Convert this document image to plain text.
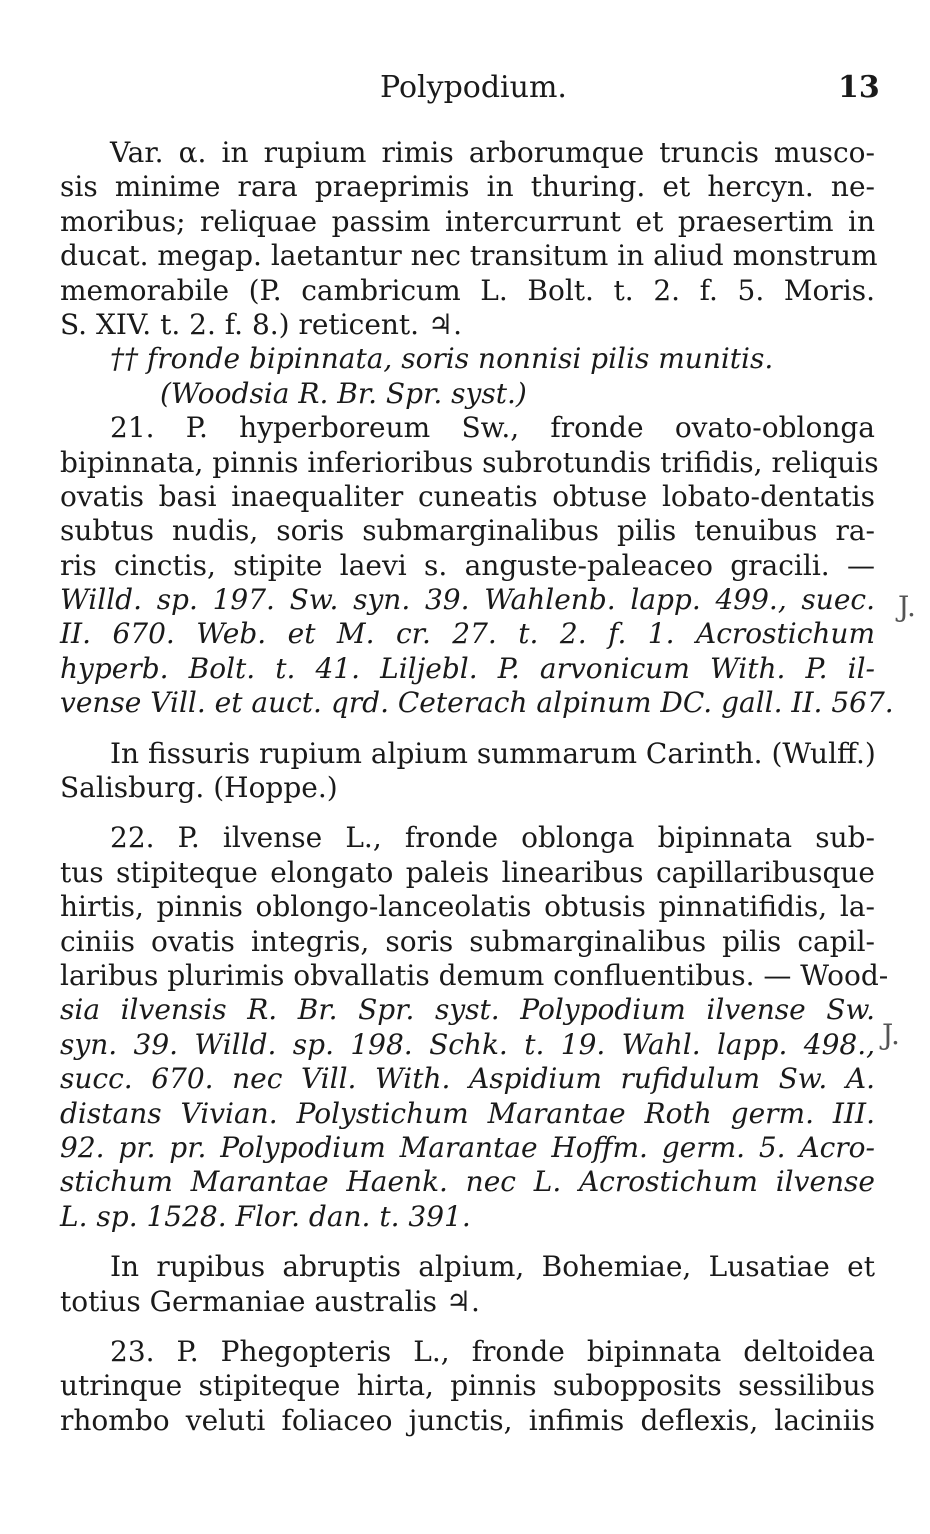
Polypodium.	13
Var. α. in rupium rimis arborumque truncis musco-
sis minime rara praeprimis in thuring. et hercyn. ne-
moribus; reliquae passim intercurrunt et praesertim in
ducat. megap. laetantur nec transitum in aliud monstrum
memorabile (P. cambricum L. Bolt. t. 2. f. 5. Moris.
S. XIV. t. 2. f. 8.) reticent. ♃.
†† fronde bipinnata, soris nonnisi pilis munitis.
(Woodsia R. Br. Spr. syst.)
21. P. hyperboreum Sw., fronde ovato-oblonga
bipinnata, pinnis inferioribus subrotundis trifidis, reliquis
ovatis basi inaequaliter cuneatis obtuse lobato-dentatis
subtus nudis, soris submarginalibus pilis tenuibus ra-
ris cinctis, stipite laevi s. anguste-paleaceo gracili. —
Willd. sp. 197. Sw. syn. 39. Wahlenb. lapp. 499., suec.
II. 670. Web. et M. cr. 27. t. 2. f. 1. Acrostichum
hyperb. Bolt. t. 41. Liljebl. P. arvonicum With. P. il-
vense Vill. et auct. qrd. Ceterach alpinum DC. gall. II. 567.
In fissuris rupium alpium summarum Carinth. (Wulff.)
Salisburg. (Hoppe.)
22. P. ilvense L., fronde oblonga bipinnata sub-
tus stipiteque elongato paleis linearibus capillaribusque
hirtis, pinnis oblongo-lanceolatis obtusis pinnatifidis, la-
ciniis ovatis integris, soris submarginalibus pilis capil-
laribus plurimis obvallatis demum confluentibus. — Wood-
sia ilvensis R. Br. Spr. syst. Polypodium ilvense Sw.
syn. 39. Willd. sp. 198. Schk. t. 19. Wahl. lapp. 498.,
succ. 670. nec Vill. With. Aspidium rufidulum Sw. A.
distans Vivian. Polystichum Marantae Roth germ. III.
92. pr. pr. Polypodium Marantae Hoffm. germ. 5. Acro-
stichum Marantae Haenk. nec L. Acrostichum ilvense
L. sp. 1528. Flor. dan. t. 391.
In rupibus abruptis alpium, Bohemiae, Lusatiae et
totius Germaniae australis ♃.
23. P. Phegopteris L., fronde bipinnata deltoidea
utrinque stipiteque hirta, pinnis subopposits sessilibus
rhombo veluti foliaceo junctis, infimis deflexis, laciniis
J.
J.
